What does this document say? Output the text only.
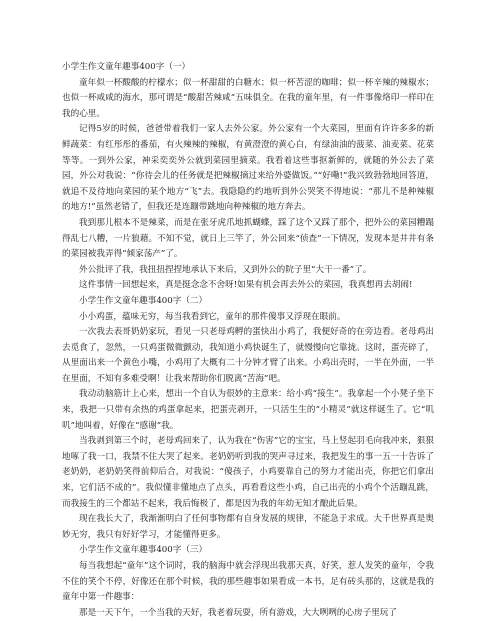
小学生作文童年趣事400字（一）

童年似一杯酸酸的柠檬水；似一杯甜甜的白糖水；似一杯苦涩的咖啡；似一杯辛辣的辣椒水；也似一杯咸咸的海水，那可谓是“酸甜苦辣咸”五味俱全。在我的童年里，有一件事像烙印一样印在我的心里。

记得5岁的时候，爸爸带着我们一家人去外公家。外公家有一个大菜园，里面有许许多多的新鲜蔬菜：有红彤彤的番茄，有火辣辣的辣椒，有黄澄澄的黄心白，有绿油油的菠菜、油麦菜、花菜等等。一到外公家，神采奕奕外公就到菜园里摘菜。我看着这些事抠新鲜的，就随的外公去了菜园，外公对我说：“你待会儿的任务就是把辣椒摘过来给外婆做饭。”“好嘞!”我兴致勃勃地回答道，就追不及待地向菜园的某个地方“飞”去。我隐隐约约地听到外公哭笑不得地说：“那儿不是种辣椒的地方!”虽然老错了，但我还是连蹦带跳地向种辣椒的地方奔去。

我到那儿根本不是辣菜，而是在张牙虎爪地抓蝴蝶，踩了这个又踩了那个，把外公的菜园糟蹋得乱七八糟，一片狼藉。不知不觉，就日上三竿了，外公回来“侦查”一下情况，发现本是井井有条的菜园被我弄得“倾家荡产”了。

外公批评了我，我扭扭捏捏地承认下来后，又到外公的院子里“大干一番”了。

这件事情一回想起来，真是挺念念不舍呀!如果有机会再去外公的菜园，我真想再去胡闹!

小学生作文童年趣事400字（二）

小小鸡蛋，蕴味无穷，每当我看到它，童年的那件傻事又浮现在眼前。

一次我去表哥奶奶家玩，看见一只老母鸡孵的蛋快出小鸡了，我便好奇的在旁边看。老母鸡出去觅食了，忽然，一只鸡蛋微微颤动，我知道小鸡快诞生了，就慢慢向它靠拢。这时，蛋壳碎了，从里面出来一个黄色小嘴，小鸡用了大概有二十分钟才臂了出来。小鸡出壳时，一半在外面，一半在里面，不知有多难受啊！让我来帮助你们脱离“苦海”吧。

我动动脑筋计上心来，想出一个自认为很妙的主意来：给小鸡“接生”。我拿起一个小凳子坐下来，我把一只带有余热的鸡蛋拿起来，把蛋壳剥开，一只活生生的“小精灵”就这样诞生了。它“叽叽”地叫着，好像在“感谢”我。

当我剥到第三个时，老母鸡回来了，认为我在“伤害”它的宝宝，马上竖起羽毛向我冲来，狠狠地啄了我一口，我禁不住大哭了起来。老奶奶听到我的哭声寻过来，我把发生的事一五一十告诉了老奶奶，老奶奶笑得前仰后合，对我说：“傻孩子，小鸡要靠自己的努力才能出壳，你把它们拿出来，它们活不成的”。我似懂非懂地点了点头，再看看这些小鸡，自己出壳的小鸡个个活蹦乱跳，而我接生的三个都站不起来，我后悔极了，都是因为我的年幼无知才酿此后果。

现在我长大了，我渐渐明白了任何事物都有自身发展的规律，不能急于求成。大千世界真是奥妙无穷，我只有好好学习，才能懂得更多。

小学生作文童年趣事400字（三）

每当我想起“童年”这个词时，我的脑海中就会浮现出我那天真，好笑，惹人发笑的童年，令我不住的笑个不停，好像还在那个时候，我的那些趣事如果看成一本书，足有砖头那的，这就是我的童年中第一件趣事：

那是一天下午，一个当我的天好，我老着玩耍，所有游戏，大大咧咧的心房子里玩了
